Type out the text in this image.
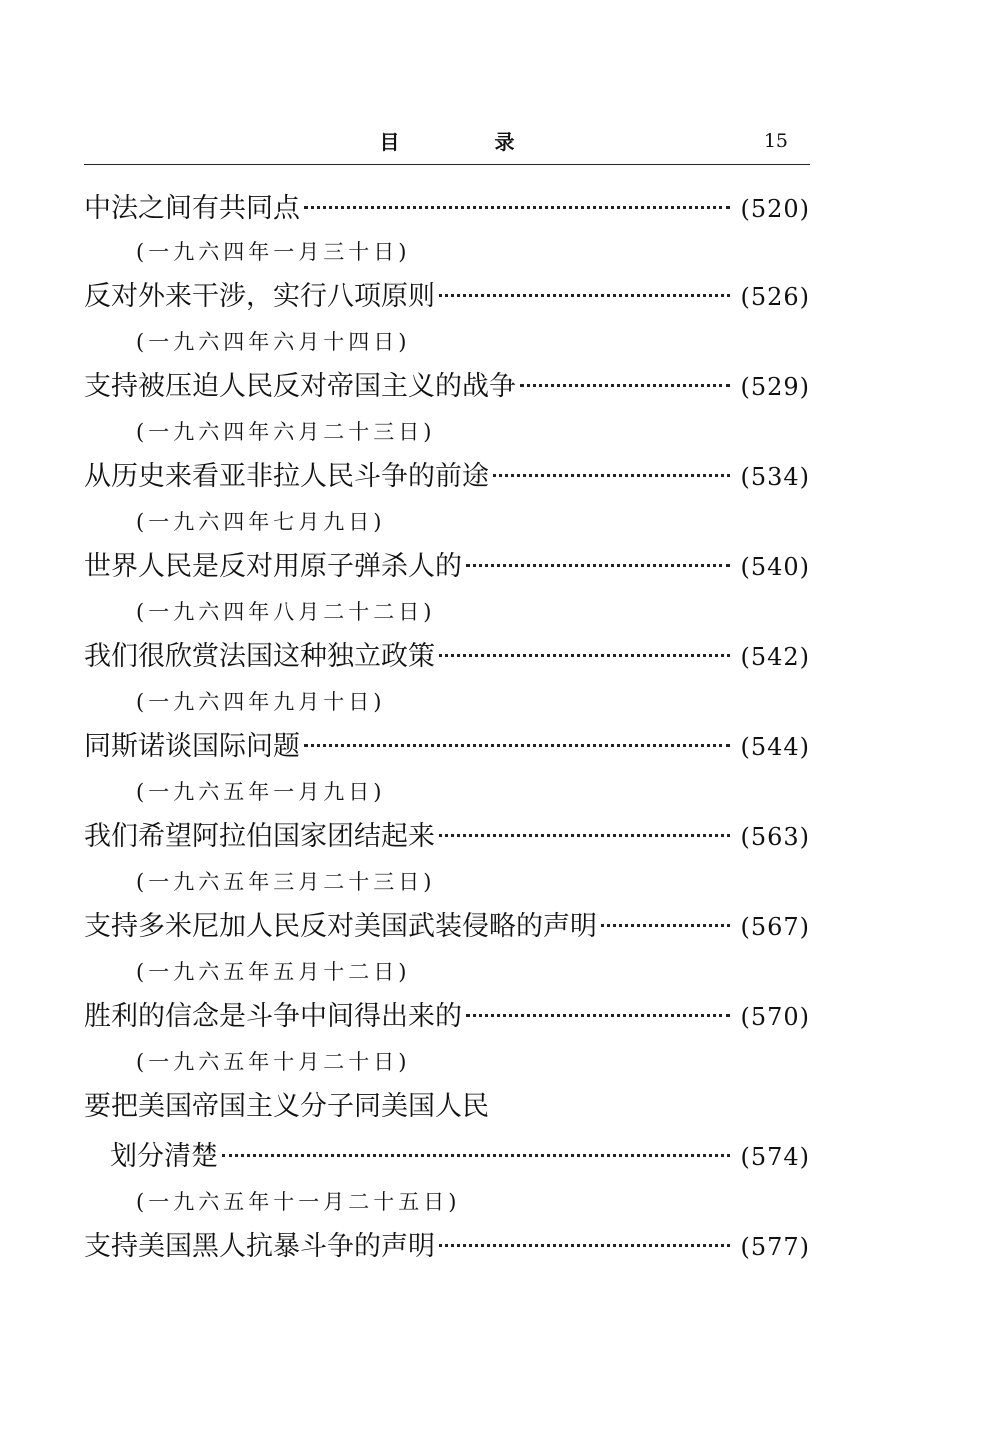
目 录	15
中法之间有共同点	(520)
(一九六四年一月三十日)
反对外来干涉，实行八项原则	(526)
(一九六四年六月十四日)
支持被压迫人民反对帝国主义的战争	(529)
(一九六四年六月二十三日)
从历史来看亚非拉人民斗争的前途	(534)
(一九六四年七月九日)
世界人民是反对用原子弹杀人的	(540)
(一九六四年八月二十二日)
我们很欣赏法国这种独立政策	(542)
(一九六四年九月十日)
同斯诺谈国际问题	(544)
(一九六五年一月九日)
我们希望阿拉伯国家团结起来	(563)
(一九六五年三月二十三日)
支持多米尼加人民反对美国武装侵略的声明	(567)
(一九六五年五月十二日)
胜利的信念是斗争中间得出来的	(570)
(一九六五年十月二十日)
要把美国帝国主义分子同美国人民
划分清楚	(574)
(一九六五年十一月二十五日)
支持美国黑人抗暴斗争的声明	(577)
